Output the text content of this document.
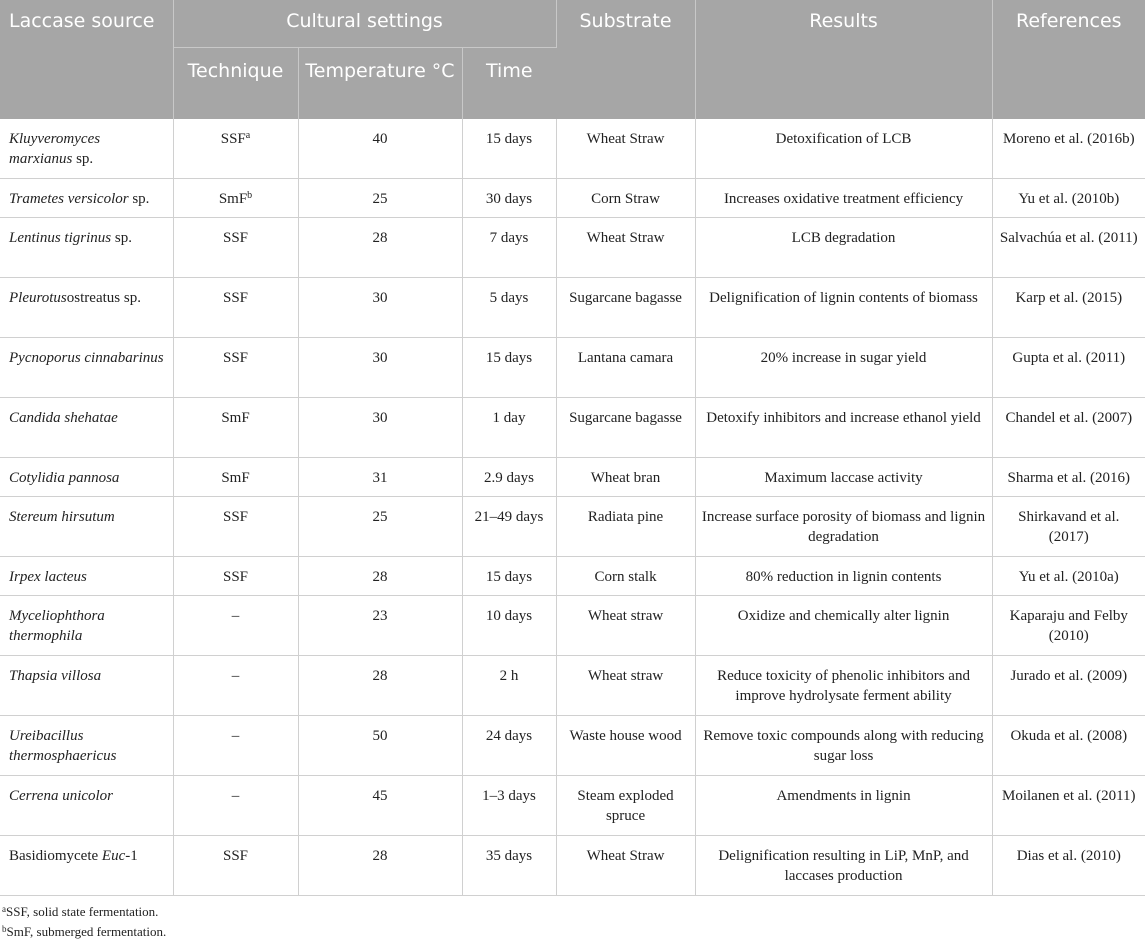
Laccase source	Cultural settings			Substrate	Results	References
	Technique	Temperature °C	Time			
Kluyveromyces marxianus sp.	SSF$^a$	40	15 days	Wheat Straw	Detoxification of LCB	Moreno et al. (2016b)
Trametes versicolor sp.	SmF$^b$	25	30 days	Corn Straw	Increases oxidative treatment efficiency	Yu et al. (2010b)
Lentinus tigrinus sp.	SSF	28	7 days	Wheat Straw	LCB degradation	Salvachúa et al. (2011)
Pleurotusostreatus sp.	SSF	30	5 days	Sugarcane bagasse	Delignification of lignin contents of biomass	Karp et al. (2015)
Pycnoporus cinnabarinus	SSF	30	15 days	Lantana camara	20% increase in sugar yield	Gupta et al. (2011)
Candida shehatae	SmF	30	1 day	Sugarcane bagasse	Detoxify inhibitors and increase ethanol yield	Chandel et al. (2007)
Cotylidia pannosa	SmF	31	2.9 days	Wheat bran	Maximum laccase activity	Sharma et al. (2016)
Stereum hirsutum	SSF	25	21–49 days	Radiata pine	Increase surface porosity of biomass and lignin degradation	Shirkavand et al. (2017)
Irpex lacteus	SSF	28	15 days	Corn stalk	80% reduction in lignin contents	Yu et al. (2010a)
Myceliophthora thermophila	–	23	10 days	Wheat straw	Oxidize and chemically alter lignin	Kaparaju and Felby (2010)
Thapsia villosa	–	28	2 h	Wheat straw	Reduce toxicity of phenolic inhibitors and improve hydrolysate ferment ability	Jurado et al. (2009)
Ureibacillus thermosphaericus	–	50	24 days	Waste house wood	Remove toxic compounds along with reducing sugar loss	Okuda et al. (2008)
Cerrena unicolor	–	45	1–3 days	Steam exploded spruce	Amendments in lignin	Moilanen et al. (2011)
Basidiomycete Euc-1	SSF	28	35 days	Wheat Straw	Delignification resulting in LiP, MnP, and laccases production	Dias et al. (2010)
$^a$SSF, solid state fermentation.
$^b$SmF, submerged fermentation.
